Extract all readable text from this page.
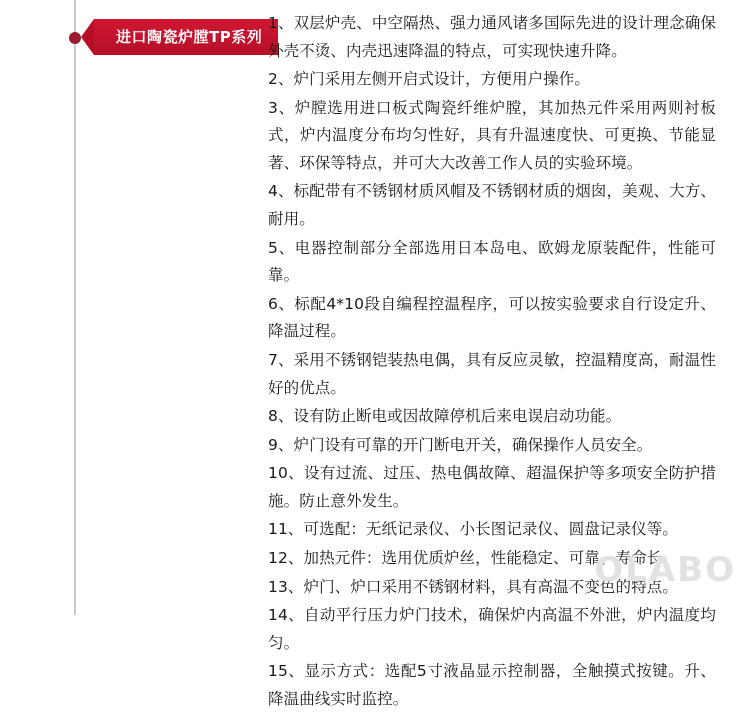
进口陶瓷炉膛TP系列

1、双层炉壳、中空隔热、强力通风诸多国际先进的设计理念确保外壳不烫、内壳迅速降温的特点，可实现快速升降。

2、炉门采用左侧开启式设计，方便用户操作。

3、炉膛选用进口板式陶瓷纤维炉膛，其加热元件采用两则衬板式，炉内温度分布均匀性好，具有升温速度快、可更换、节能显著、环保等特点，并可大大改善工作人员的实验环境。

4、标配带有不锈钢材质风帽及不锈钢材质的烟囱，美观、大方、耐用。

5、电器控制部分全部选用日本岛电、欧姆龙原装配件，性能可靠。

6、标配4*10段自编程控温程序，可以按实验要求自行设定升、降温过程。

7、采用不锈钢铠装热电偶，具有反应灵敏，控温精度高，耐温性好的优点。

8、设有防止断电或因故障停机后来电误启动功能。

9、炉门设有可靠的开门断电开关，确保操作人员安全。

10、设有过流、过压、热电偶故障、超温保护等多项安全防护措施。防止意外发生。

11、可选配：无纸记录仪、小长图记录仪、圆盘记录仪等。

12、加热元件：选用优质炉丝，性能稳定、可靠、寿命长。

13、炉门、炉口采用不锈钢材料，具有高温不变色的特点。

14、自动平行压力炉门技术，确保炉内高温不外泄，炉内温度均匀。

15、显示方式：选配5寸液晶显示控制器，全触摸式按键。升、降温曲线实时监控。

OLABO
